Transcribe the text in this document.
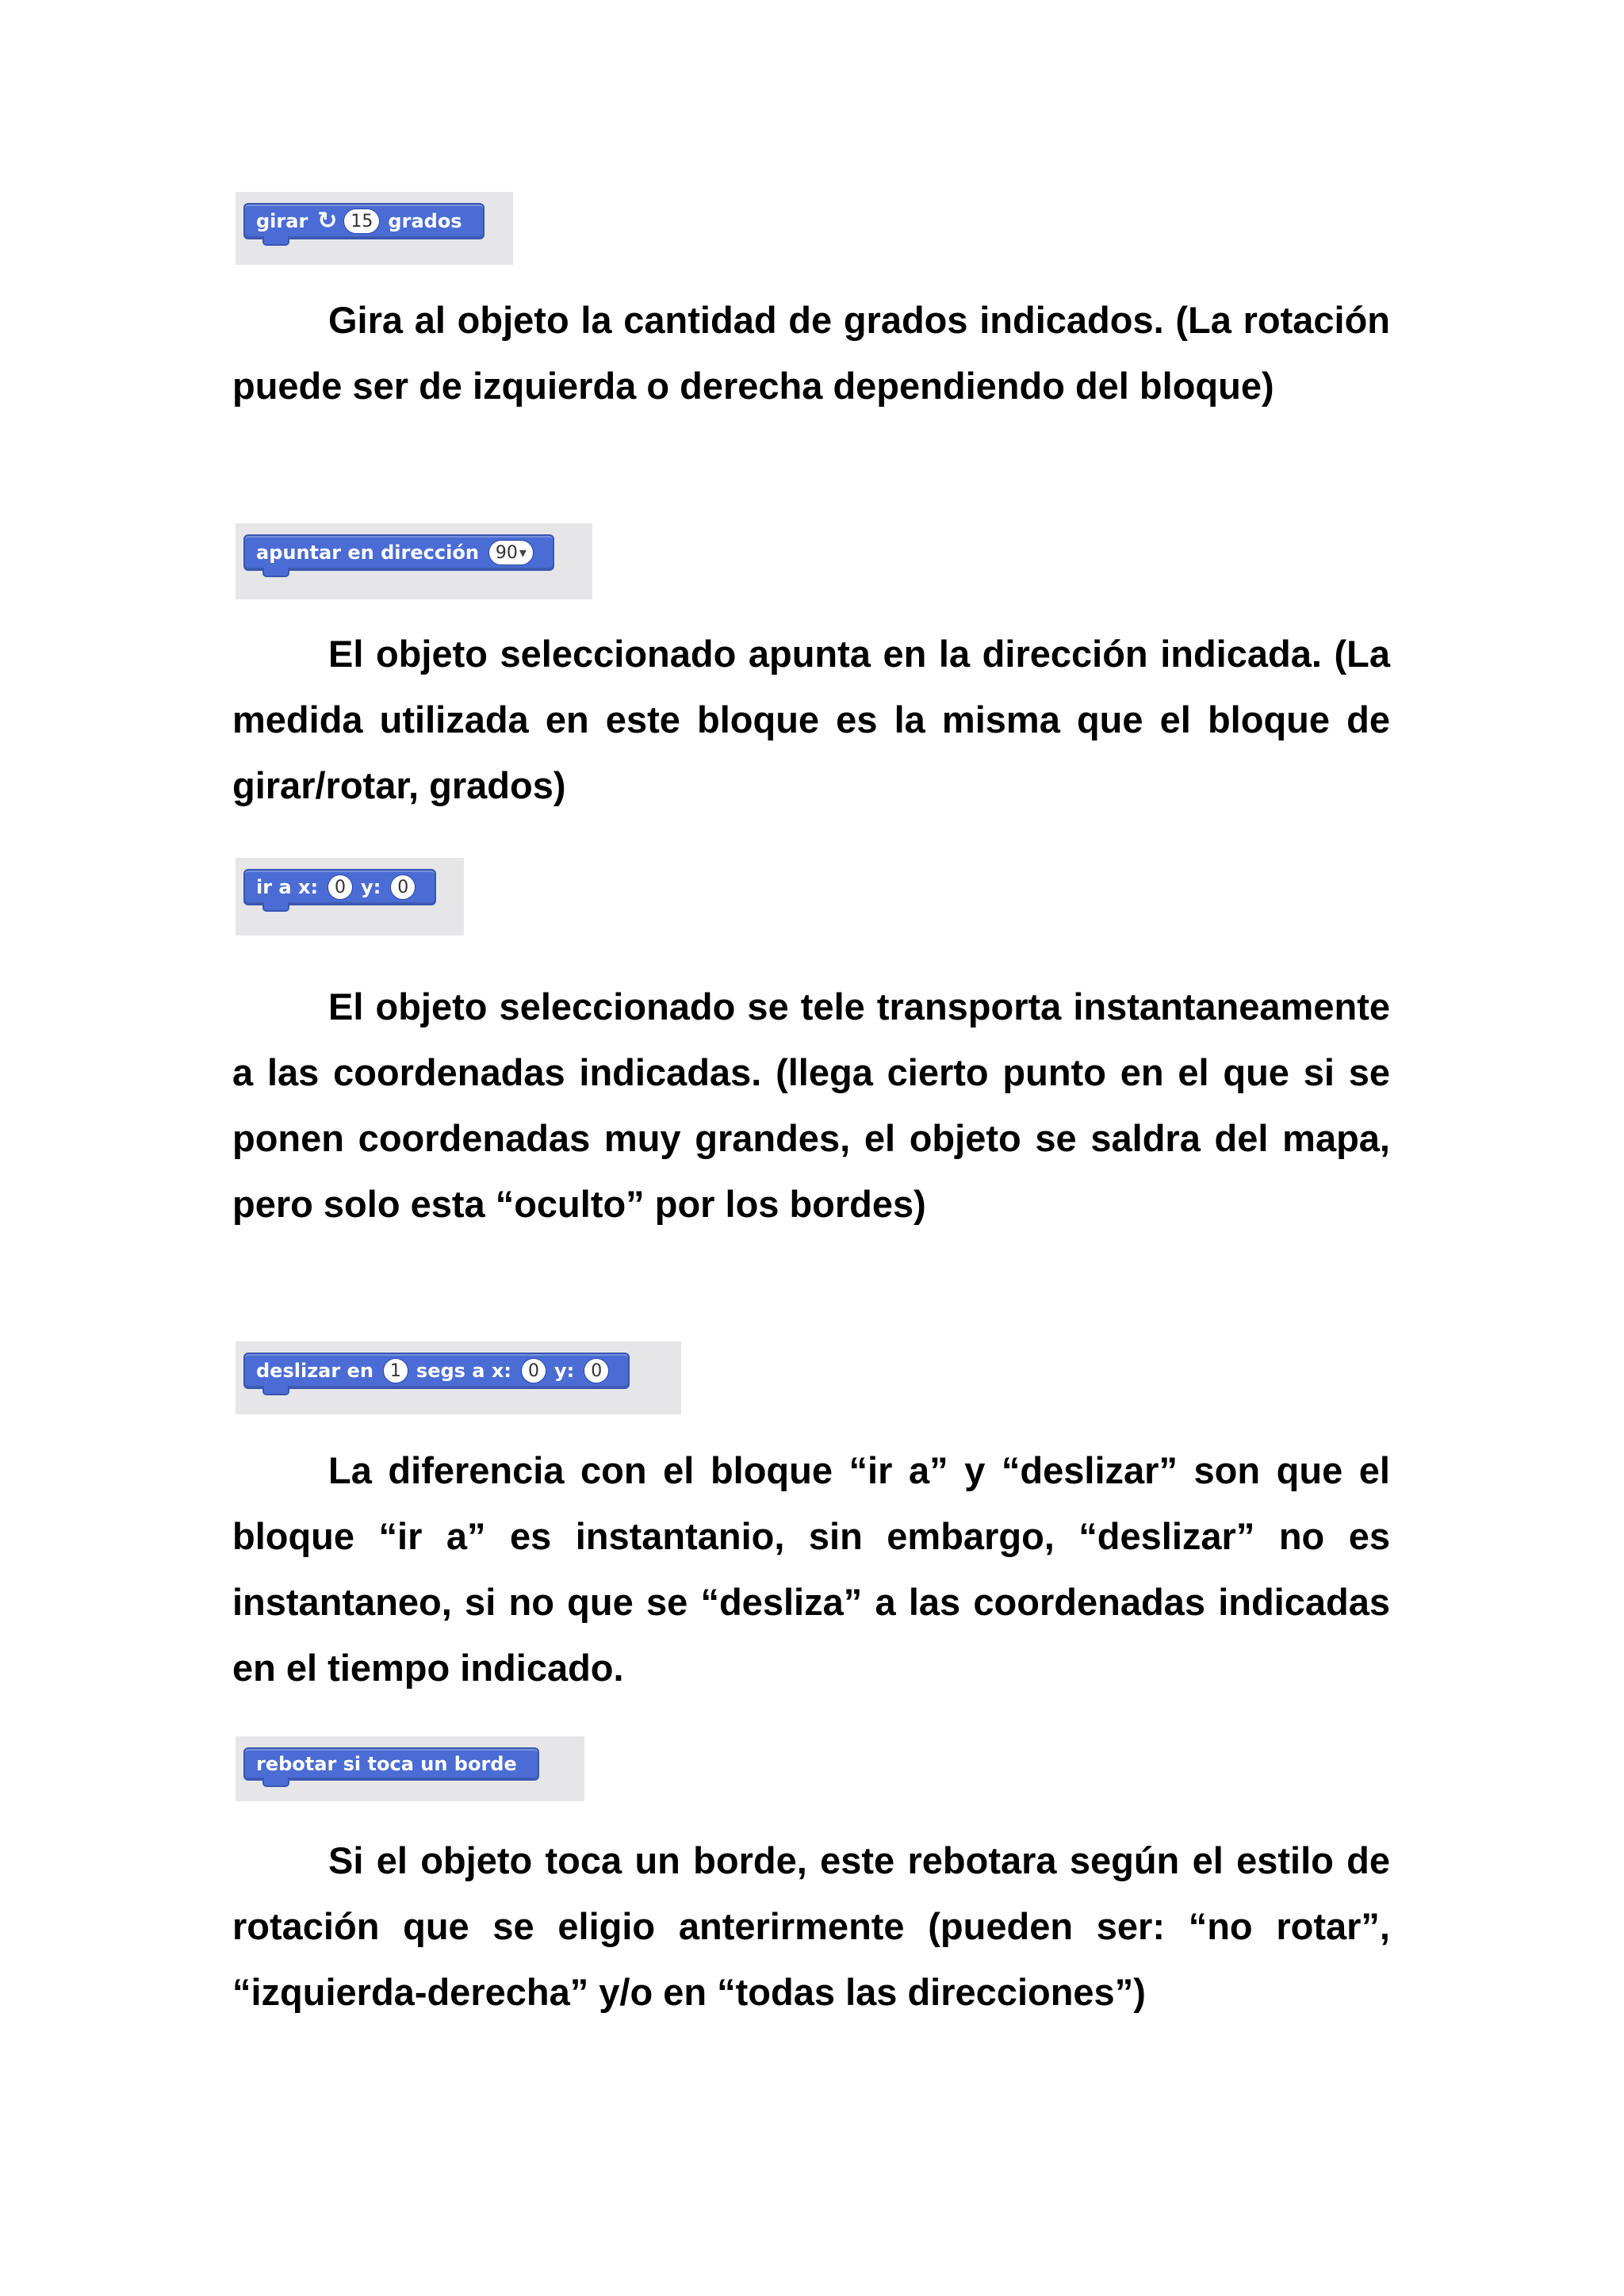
girar ↻ 15 grados

Gira al objeto la cantidad de grados indicados. (La rotación puede ser de izquierda o derecha dependiendo del bloque)

apuntar en dirección 90 ▾

El objeto seleccionado apunta en la dirección indicada. (La medida utilizada en este bloque es la misma que el bloque de girar/rotar, grados)

ir a x: 0 y: 0

El objeto seleccionado se tele transporta instantaneamente a las coordenadas indicadas. (llega cierto punto en el que si se ponen coordenadas muy grandes, el objeto se saldra del mapa, pero solo esta “oculto” por los bordes)

deslizar en 1 segs a x: 0 y: 0

La diferencia con el bloque “ir a” y “deslizar” son que el bloque “ir a” es instantanio, sin embargo, “deslizar” no es instantaneo, si no que se “desliza” a las coordenadas indicadas en el tiempo indicado.

rebotar si toca un borde

Si el objeto toca un borde, este rebotara según el estilo de rotación que se eligio anterirmente (pueden ser: “no rotar”, “izquierda-derecha” y/o en “todas las direcciones”)
